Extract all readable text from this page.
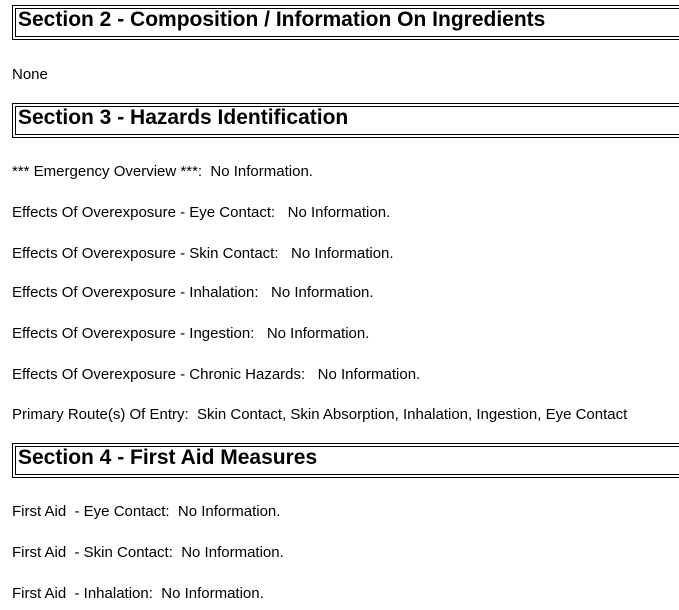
Section 2 - Composition / Information On Ingredients
None
Section 3 - Hazards Identification
*** Emergency Overview ***:  No Information.
Effects Of Overexposure - Eye Contact:   No Information.
Effects Of Overexposure - Skin Contact:   No Information.
Effects Of Overexposure - Inhalation:   No Information.
Effects Of Overexposure - Ingestion:   No Information.
Effects Of Overexposure - Chronic Hazards:   No Information.
Primary Route(s) Of Entry:  Skin Contact, Skin Absorption, Inhalation, Ingestion, Eye Contact
Section 4 - First Aid Measures
First Aid  - Eye Contact:  No Information.
First Aid  - Skin Contact:  No Information.
First Aid  - Inhalation:  No Information.
